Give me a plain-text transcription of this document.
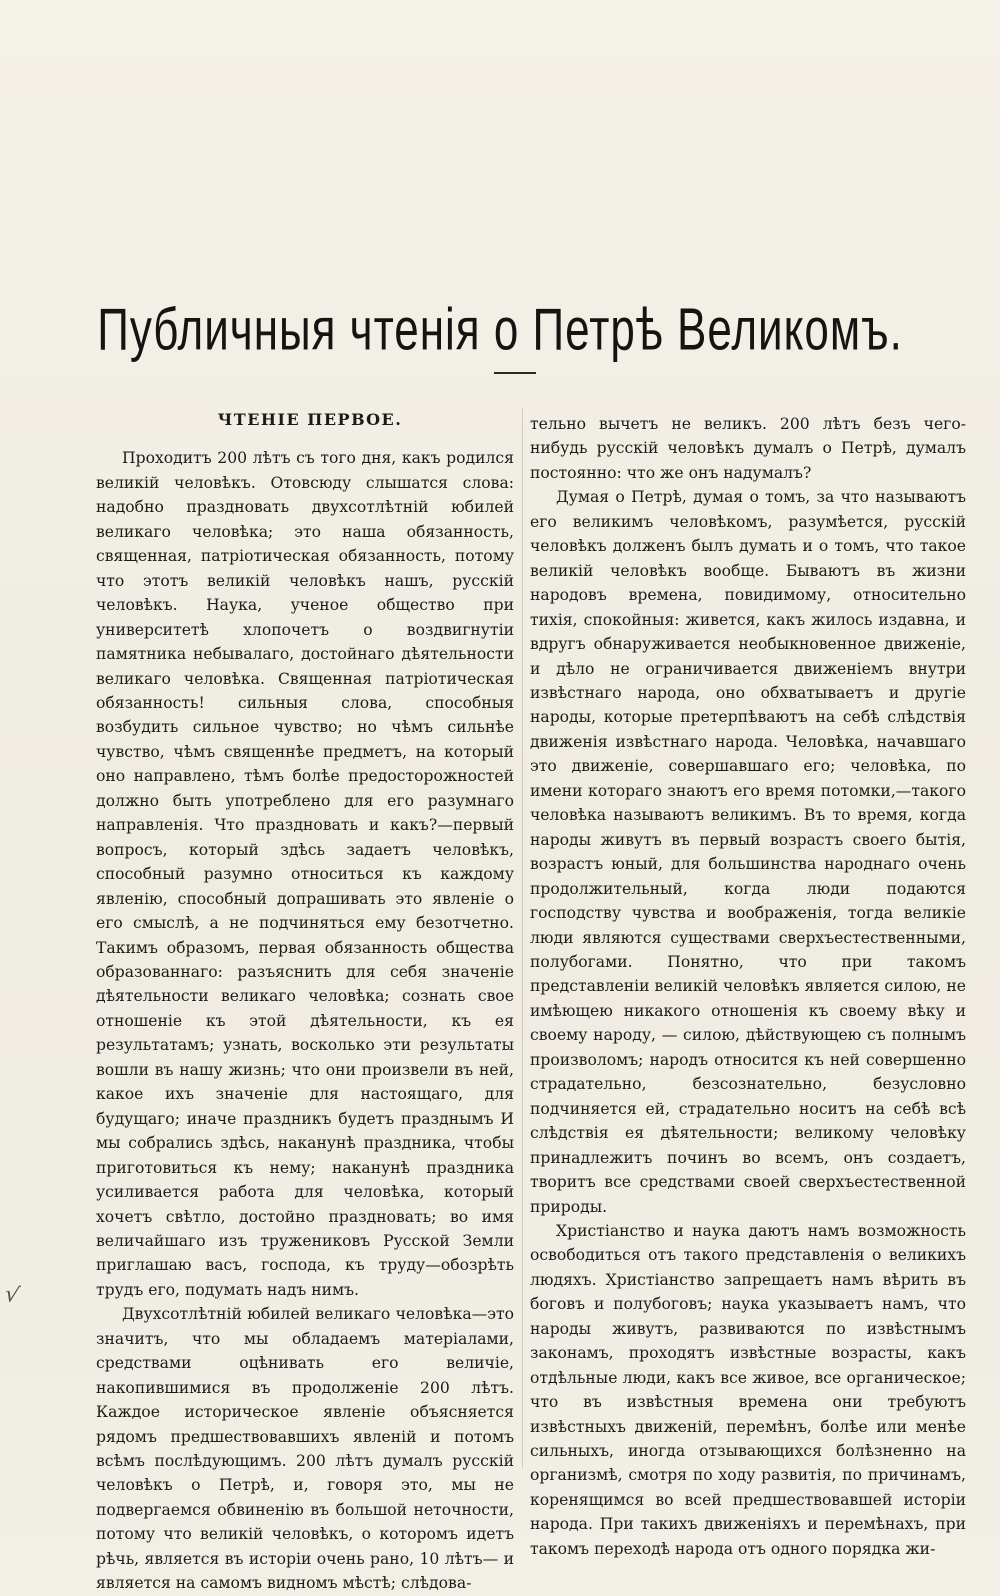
Публичныя чтенія о Петрѣ Великомъ.
ЧТЕНІЕ ПЕРВОЕ.

Проходитъ 200 лѣтъ съ того дня, какъ родился великій человѣкъ. Отовсюду слышатся слова: надобно праздновать двухсотлѣтній юбилей великаго человѣка; это наша обязанность, священная, патріотическая обязанность, потому что этотъ великій человѣкъ нашъ, русскій человѣкъ. Наука, ученое общество при университетѣ хлопочетъ о воздвигнутіи памятника небывалаго, достойнаго дѣятельности великаго человѣка. Священная патріотическая обязанность! сильныя слова, способныя возбудить сильное чувство; но чѣмъ сильнѣе чувство, чѣмъ священнѣе предметъ, на который оно направлено, тѣмъ болѣе предосторожностей должно быть употреблено для его разумнаго направленія. Что праздновать и какъ?—первый вопросъ, который здѣсь задаетъ человѣкъ, способный разумно относиться къ каждому явленію, способный допрашивать это явленіе о его смыслѣ, а не подчиняться ему безотчетно. Такимъ образомъ, первая обязанность общества образованнаго: разъяснить для себя значеніе дѣятельности великаго человѣка; сознать свое отношеніе къ этой дѣятельности, къ ея результатамъ; узнать, восколько эти результаты вошли въ нашу жизнь; что они произвели въ ней, какое ихъ значеніе для настоящаго, для будущаго; иначе праздникъ будетъ празднымъ И мы собрались здѣсь, наканунѣ праздника, чтобы приготовиться къ нему; наканунѣ праздника усиливается работа для человѣка, который хочетъ свѣтло, достойно праздновать; во имя величайшаго изъ тружениковъ Русской Земли приглашаю васъ, господа, къ труду—обозрѣть трудъ его, подумать надъ нимъ.

Двухсотлѣтній юбилей великаго человѣка—это значитъ, что мы обладаемъ матеріалами, средствами оцѣнивать его величіе, накопившимися въ продолженіе 200 лѣтъ. Каждое историческое явленіе объясняется рядомъ предшествовавшихъ явленій и потомъ всѣмъ послѣдующимъ. 200 лѣтъ думалъ русскій человѣкъ о Петрѣ, и, говоря это, мы не подвергаемся обвиненію въ большой неточности, потому что великій человѣкъ, о которомъ идетъ рѣчь, является въ исторіи очень рано, 10 лѣтъ— и является на самомъ видномъ мѣстѣ; слѣдова-

тельно вычетъ не великъ. 200 лѣтъ безъ чего-нибудь русскій человѣкъ думалъ о Петрѣ, думалъ постоянно: что же онъ надумалъ?

Думая о Петрѣ, думая о томъ, за что называютъ его великимъ человѣкомъ, разумѣется, русскій человѣкъ долженъ былъ думать и о томъ, что такое великій человѣкъ вообще. Бываютъ въ жизни народовъ времена, повидимому, относительно тихія, спокойныя: живется, какъ жилось издавна, и вдругъ обнаруживается необыкновенное движеніе, и дѣло не ограничивается движеніемъ внутри извѣстнаго народа, оно обхватываетъ и другіе народы, которые претерпѣваютъ на себѣ слѣдствія движенія извѣстнаго народа. Человѣка, начавшаго это движеніе, совершавшаго его; человѣка, по имени котораго знаютъ его время потомки,—такого человѣка называютъ великимъ. Въ то время, когда народы живутъ въ первый возрастъ своего бытія, возрастъ юный, для большинства народнаго очень продолжительный, когда люди подаются господству чувства и воображенія, тогда великіе люди являются существами сверхъестественными, полубогами. Понятно, что при такомъ представленіи великій человѣкъ является силою, не имѣющею никакого отношенія къ своему вѣку и своему народу, — силою, дѣйствующею съ полнымъ произволомъ; народъ относится къ ней совершенно страдательно, безсознательно, безусловно подчиняется ей, страдательно носитъ на себѣ всѣ слѣдствія ея дѣятельности; великому человѣку принадлежитъ починъ во всемъ, онъ создаетъ, творитъ все средствами своей сверхъестественной природы.

Христіанство и наука даютъ намъ возможность освободиться отъ такого представленія о великихъ людяхъ. Христіанство запрещаетъ намъ вѣрить въ боговъ и полубоговъ; наука указываетъ намъ, что народы живутъ, развиваются по извѣстнымъ законамъ, проходятъ извѣстные возрасты, какъ отдѣльные люди, какъ все живое, все органическое; что въ извѣстныя времена они требуютъ извѣстныхъ движеній, перемѣнъ, болѣе или менѣе сильныхъ, иногда отзывающихся болѣзненно на организмѣ, смотря по ходу развитія, по причинамъ, коренящимся во всей предшествовавшей исторіи народа. При такихъ движеніяхъ и перемѣнахъ, при такомъ переходѣ народа отъ одного порядка жи-

√
